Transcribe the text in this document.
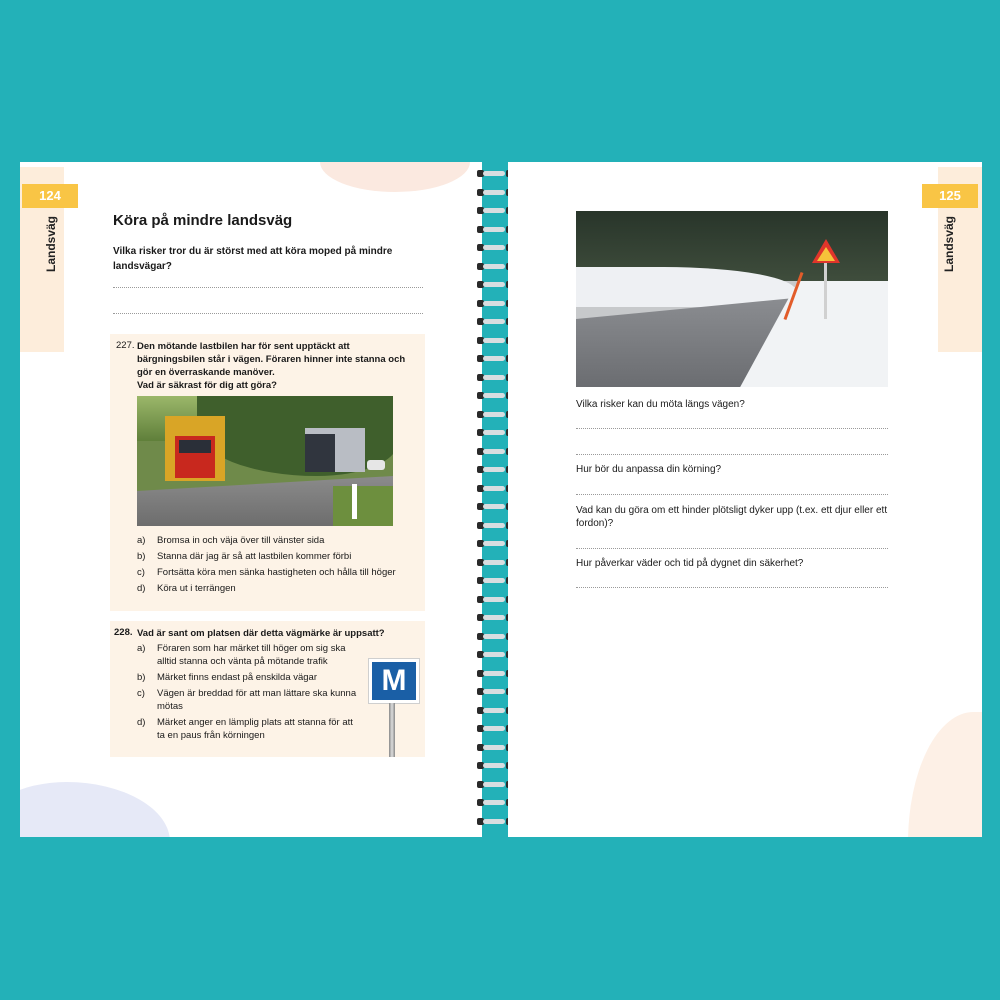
124
Landsväg	Köra på mindre landsväg
Vilka risker tror du är störst med att köra moped på mindre landsvägar?
227. Den mötande lastbilen har för sent upptäckt att bärgningsbilen står i vägen. Föraren hinner inte stanna och gör en överraskande manöver.
Vad är säkrast för dig att göra?
a)	Bromsa in och väja över till vänster sida
b)	Stanna där jag är så att lastbilen kommer förbi
c)	Fortsätta köra men sänka hastigheten och hålla till höger
d)	Köra ut i terrängen
228. Vad är sant om platsen där detta vägmärke är uppsatt?
a)	Föraren som har märket till höger om sig ska alltid stanna och vänta på mötande trafik
b)	Märket finns endast på enskilda vägar
c)	Vägen är breddad för att man lättare ska kunna mötas
d)	Märket anger en lämplig plats att stanna för att ta en paus från körningen
M
125
Landsväg
Vilka risker kan du möta längs vägen?
Hur bör du anpassa din körning?
Vad kan du göra om ett hinder plötsligt dyker upp (t.ex. ett djur eller ett fordon)?
Hur påverkar väder och tid på dygnet din säkerhet?
